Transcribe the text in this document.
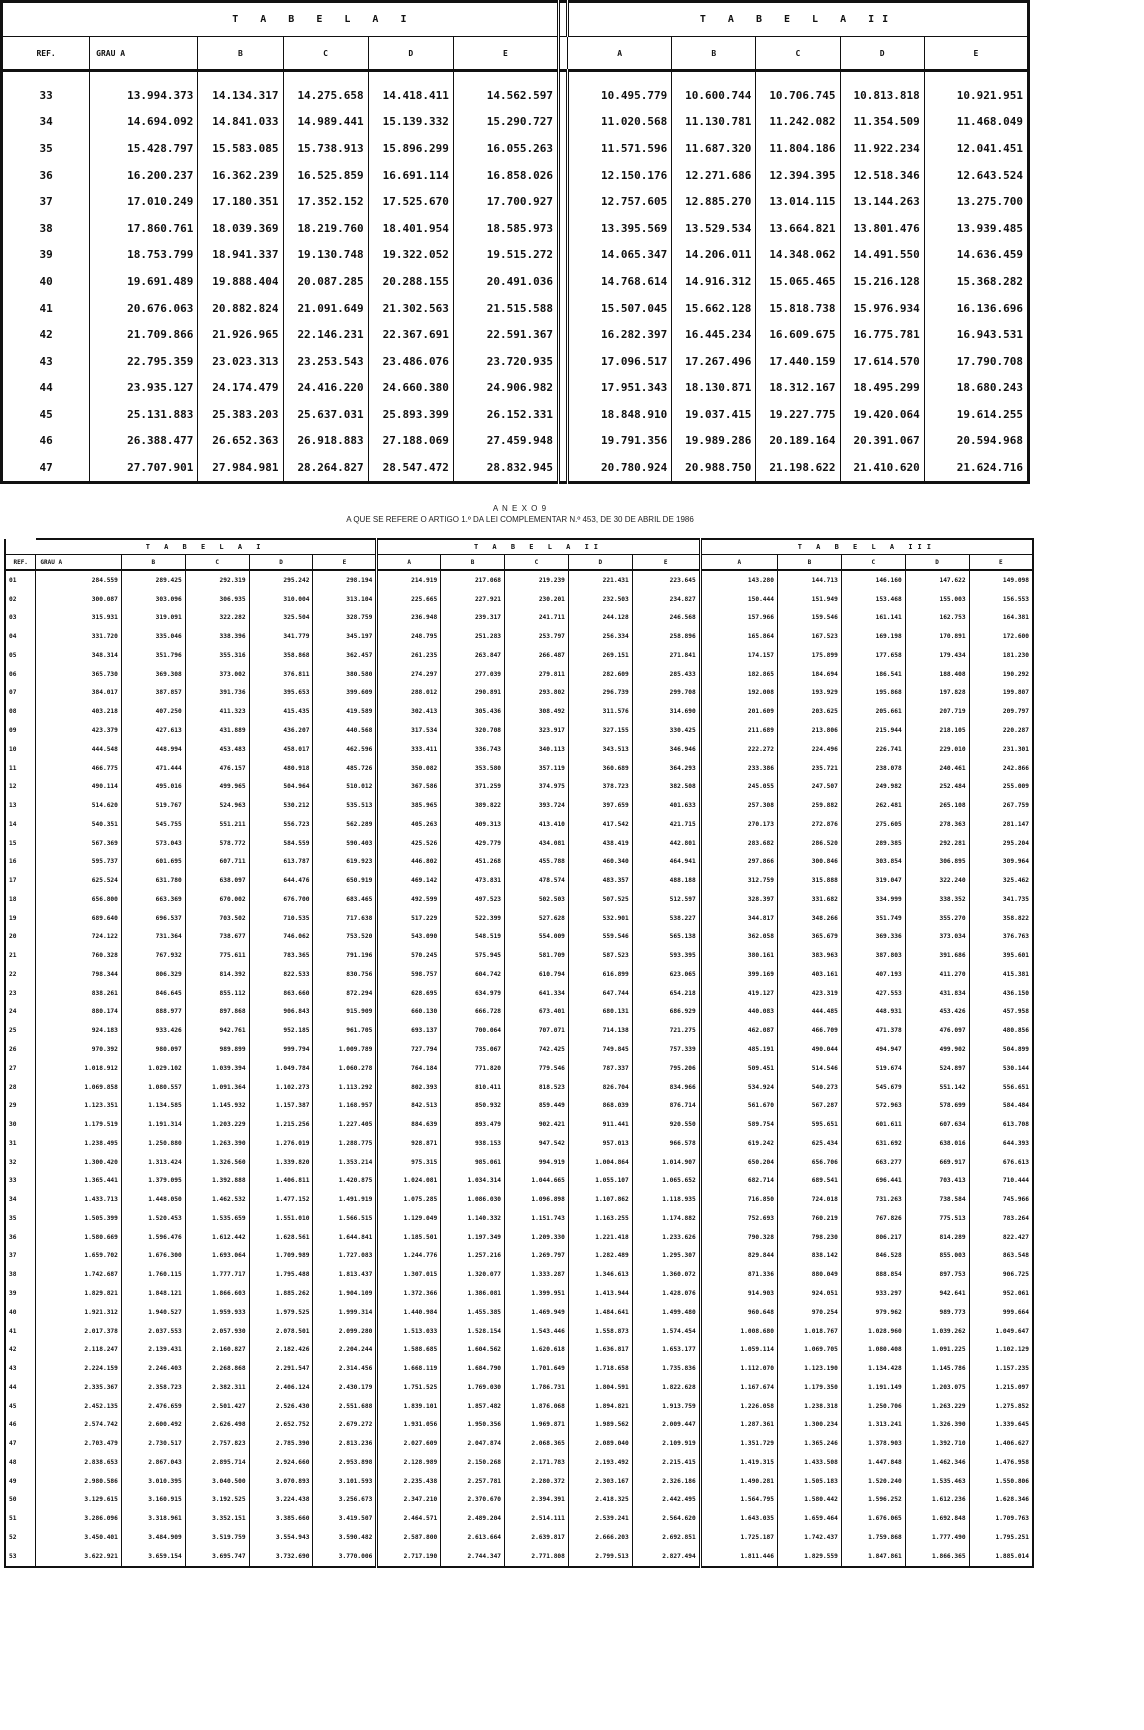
	T A B E L A I						T A B E L A II				
REF.	GRAU A	B	C	D	E		A	B	C	D	E
33	13.994.373	14.134.317	14.275.658	14.418.411	14.562.597		10.495.779	10.600.744	10.706.745	10.813.818	10.921.951
34	14.694.092	14.841.033	14.989.441	15.139.332	15.290.727		11.020.568	11.130.781	11.242.082	11.354.509	11.468.049
35	15.428.797	15.583.085	15.738.913	15.896.299	16.055.263		11.571.596	11.687.320	11.804.186	11.922.234	12.041.451
36	16.200.237	16.362.239	16.525.859	16.691.114	16.858.026		12.150.176	12.271.686	12.394.395	12.518.346	12.643.524
37	17.010.249	17.180.351	17.352.152	17.525.670	17.700.927		12.757.605	12.885.270	13.014.115	13.144.263	13.275.700
38	17.860.761	18.039.369	18.219.760	18.401.954	18.585.973		13.395.569	13.529.534	13.664.821	13.801.476	13.939.485
39	18.753.799	18.941.337	19.130.748	19.322.052	19.515.272		14.065.347	14.206.011	14.348.062	14.491.550	14.636.459
40	19.691.489	19.888.404	20.087.285	20.288.155	20.491.036		14.768.614	14.916.312	15.065.465	15.216.128	15.368.282
41	20.676.063	20.882.824	21.091.649	21.302.563	21.515.588		15.507.045	15.662.128	15.818.738	15.976.934	16.136.696
42	21.709.866	21.926.965	22.146.231	22.367.691	22.591.367		16.282.397	16.445.234	16.609.675	16.775.781	16.943.531
43	22.795.359	23.023.313	23.253.543	23.486.076	23.720.935		17.096.517	17.267.496	17.440.159	17.614.570	17.790.708
44	23.935.127	24.174.479	24.416.220	24.660.380	24.906.982		17.951.343	18.130.871	18.312.167	18.495.299	18.680.243
45	25.131.883	25.383.203	25.637.031	25.893.399	26.152.331		18.848.910	19.037.415	19.227.775	19.420.064	19.614.255
46	26.388.477	26.652.363	26.918.883	27.188.069	27.459.948		19.791.356	19.989.286	20.189.164	20.391.067	20.594.968
47	27.707.901	27.984.981	28.264.827	28.547.472	28.832.945		20.780.924	20.988.750	21.198.622	21.410.620	21.624.716
A N E X O 9
A QUE SE REFERE O ARTIGO 1.º DA LEI COMPLEMENTAR N.º 453, DE 30 DE ABRIL DE 1986
	T A B E L A I					T A B E L A II					T A B E L A III				
REF.	GRAU A	B	C	D	E	A	B	C	D	E	A	B	C	D	E
01	284.559	289.425	292.319	295.242	298.194	214.919	217.068	219.239	221.431	223.645	143.280	144.713	146.160	147.622	149.098
02	300.087	303.096	306.935	310.004	313.104	225.665	227.921	230.201	232.503	234.827	150.444	151.949	153.468	155.003	156.553
03	315.931	319.091	322.282	325.504	328.759	236.948	239.317	241.711	244.128	246.568	157.966	159.546	161.141	162.753	164.381
04	331.720	335.046	338.396	341.779	345.197	248.795	251.283	253.797	256.334	258.896	165.864	167.523	169.198	170.891	172.600
05	348.314	351.796	355.316	358.868	362.457	261.235	263.847	266.487	269.151	271.841	174.157	175.899	177.658	179.434	181.230
06	365.730	369.308	373.002	376.811	380.580	274.297	277.039	279.811	282.609	285.433	182.865	184.694	186.541	188.408	190.292
07	384.017	387.857	391.736	395.653	399.609	288.012	290.891	293.802	296.739	299.708	192.008	193.929	195.868	197.828	199.807
08	403.218	407.250	411.323	415.435	419.589	302.413	305.436	308.492	311.576	314.690	201.609	203.625	205.661	207.719	209.797
09	423.379	427.613	431.889	436.207	440.568	317.534	320.708	323.917	327.155	330.425	211.689	213.806	215.944	218.105	220.287
10	444.548	448.994	453.483	458.017	462.596	333.411	336.743	340.113	343.513	346.946	222.272	224.496	226.741	229.010	231.301
11	466.775	471.444	476.157	480.918	485.726	350.082	353.580	357.119	360.689	364.293	233.386	235.721	238.078	240.461	242.866
12	490.114	495.016	499.965	504.964	510.012	367.586	371.259	374.975	378.723	382.508	245.055	247.507	249.982	252.484	255.009
13	514.620	519.767	524.963	530.212	535.513	385.965	389.822	393.724	397.659	401.633	257.308	259.882	262.481	265.108	267.759
14	540.351	545.755	551.211	556.723	562.289	405.263	409.313	413.410	417.542	421.715	270.173	272.876	275.605	278.363	281.147
15	567.369	573.043	578.772	584.559	590.403	425.526	429.779	434.081	438.419	442.801	283.682	286.520	289.385	292.281	295.204
16	595.737	601.695	607.711	613.787	619.923	446.802	451.268	455.788	460.340	464.941	297.866	300.846	303.854	306.895	309.964
17	625.524	631.780	638.097	644.476	650.919	469.142	473.831	478.574	483.357	488.188	312.759	315.888	319.047	322.240	325.462
18	656.800	663.369	670.002	676.700	683.465	492.599	497.523	502.503	507.525	512.597	328.397	331.682	334.999	338.352	341.735
19	689.640	696.537	703.502	710.535	717.638	517.229	522.399	527.628	532.901	538.227	344.817	348.266	351.749	355.270	358.822
20	724.122	731.364	738.677	746.062	753.520	543.090	548.519	554.009	559.546	565.138	362.058	365.679	369.336	373.034	376.763
21	760.328	767.932	775.611	783.365	791.196	570.245	575.945	581.709	587.523	593.395	380.161	383.963	387.803	391.686	395.601
22	798.344	806.329	814.392	822.533	830.756	598.757	604.742	610.794	616.899	623.065	399.169	403.161	407.193	411.270	415.381
23	838.261	846.645	855.112	863.660	872.294	628.695	634.979	641.334	647.744	654.218	419.127	423.319	427.553	431.834	436.150
24	880.174	888.977	897.868	906.843	915.909	660.130	666.728	673.401	680.131	686.929	440.083	444.485	448.931	453.426	457.958
25	924.183	933.426	942.761	952.185	961.705	693.137	700.064	707.071	714.138	721.275	462.087	466.709	471.378	476.097	480.856
26	970.392	980.097	989.899	999.794	1.009.789	727.794	735.067	742.425	749.845	757.339	485.191	490.044	494.947	499.902	504.899
27	1.018.912	1.029.102	1.039.394	1.049.784	1.060.278	764.184	771.820	779.546	787.337	795.206	509.451	514.546	519.674	524.897	530.144
28	1.069.858	1.080.557	1.091.364	1.102.273	1.113.292	802.393	810.411	818.523	826.704	834.966	534.924	540.273	545.679	551.142	556.651
29	1.123.351	1.134.585	1.145.932	1.157.387	1.168.957	842.513	850.932	859.449	868.039	876.714	561.670	567.287	572.963	578.699	584.484
30	1.179.519	1.191.314	1.203.229	1.215.256	1.227.405	884.639	893.479	902.421	911.441	920.550	589.754	595.651	601.611	607.634	613.708
31	1.238.495	1.250.880	1.263.390	1.276.019	1.288.775	928.871	938.153	947.542	957.013	966.578	619.242	625.434	631.692	638.016	644.393
32	1.300.420	1.313.424	1.326.560	1.339.820	1.353.214	975.315	985.061	994.919	1.004.864	1.014.907	650.204	656.706	663.277	669.917	676.613
33	1.365.441	1.379.095	1.392.888	1.406.811	1.420.875	1.024.081	1.034.314	1.044.665	1.055.107	1.065.652	682.714	689.541	696.441	703.413	710.444
34	1.433.713	1.448.050	1.462.532	1.477.152	1.491.919	1.075.285	1.086.030	1.096.898	1.107.862	1.118.935	716.850	724.018	731.263	738.584	745.966
35	1.505.399	1.520.453	1.535.659	1.551.010	1.566.515	1.129.049	1.140.332	1.151.743	1.163.255	1.174.882	752.693	760.219	767.826	775.513	783.264
36	1.580.669	1.596.476	1.612.442	1.628.561	1.644.841	1.185.501	1.197.349	1.209.330	1.221.418	1.233.626	790.328	798.230	806.217	814.289	822.427
37	1.659.702	1.676.300	1.693.064	1.709.989	1.727.083	1.244.776	1.257.216	1.269.797	1.282.489	1.295.307	829.844	838.142	846.528	855.003	863.548
38	1.742.687	1.760.115	1.777.717	1.795.488	1.813.437	1.307.015	1.320.077	1.333.287	1.346.613	1.360.072	871.336	880.049	888.854	897.753	906.725
39	1.829.821	1.848.121	1.866.603	1.885.262	1.904.109	1.372.366	1.386.081	1.399.951	1.413.944	1.428.076	914.903	924.051	933.297	942.641	952.061
40	1.921.312	1.940.527	1.959.933	1.979.525	1.999.314	1.440.984	1.455.385	1.469.949	1.484.641	1.499.480	960.648	970.254	979.962	989.773	999.664
41	2.017.378	2.037.553	2.057.930	2.078.501	2.099.280	1.513.033	1.528.154	1.543.446	1.558.873	1.574.454	1.008.680	1.018.767	1.028.960	1.039.262	1.049.647
42	2.118.247	2.139.431	2.160.827	2.182.426	2.204.244	1.588.685	1.604.562	1.620.618	1.636.817	1.653.177	1.059.114	1.069.705	1.080.408	1.091.225	1.102.129
43	2.224.159	2.246.403	2.268.868	2.291.547	2.314.456	1.668.119	1.684.790	1.701.649	1.718.658	1.735.836	1.112.070	1.123.190	1.134.428	1.145.786	1.157.235
44	2.335.367	2.358.723	2.382.311	2.406.124	2.430.179	1.751.525	1.769.030	1.786.731	1.804.591	1.822.628	1.167.674	1.179.350	1.191.149	1.203.075	1.215.097
45	2.452.135	2.476.659	2.501.427	2.526.430	2.551.688	1.839.101	1.857.482	1.876.068	1.894.821	1.913.759	1.226.058	1.238.318	1.250.706	1.263.229	1.275.852
46	2.574.742	2.600.492	2.626.498	2.652.752	2.679.272	1.931.056	1.950.356	1.969.871	1.989.562	2.009.447	1.287.361	1.300.234	1.313.241	1.326.390	1.339.645
47	2.703.479	2.730.517	2.757.823	2.785.390	2.813.236	2.027.609	2.047.874	2.068.365	2.089.040	2.109.919	1.351.729	1.365.246	1.378.903	1.392.710	1.406.627
48	2.838.653	2.867.043	2.895.714	2.924.660	2.953.898	2.128.989	2.150.268	2.171.783	2.193.492	2.215.415	1.419.315	1.433.508	1.447.848	1.462.346	1.476.958
49	2.980.586	3.010.395	3.040.500	3.070.893	3.101.593	2.235.438	2.257.781	2.280.372	2.303.167	2.326.186	1.490.281	1.505.183	1.520.240	1.535.463	1.550.806
50	3.129.615	3.160.915	3.192.525	3.224.438	3.256.673	2.347.210	2.370.670	2.394.391	2.418.325	2.442.495	1.564.795	1.580.442	1.596.252	1.612.236	1.628.346
51	3.286.096	3.318.961	3.352.151	3.385.660	3.419.507	2.464.571	2.489.204	2.514.111	2.539.241	2.564.620	1.643.035	1.659.464	1.676.065	1.692.848	1.709.763
52	3.450.401	3.484.909	3.519.759	3.554.943	3.590.482	2.587.800	2.613.664	2.639.817	2.666.203	2.692.851	1.725.187	1.742.437	1.759.868	1.777.490	1.795.251
53	3.622.921	3.659.154	3.695.747	3.732.690	3.770.006	2.717.190	2.744.347	2.771.808	2.799.513	2.827.494	1.811.446	1.829.559	1.847.861	1.866.365	1.885.014
